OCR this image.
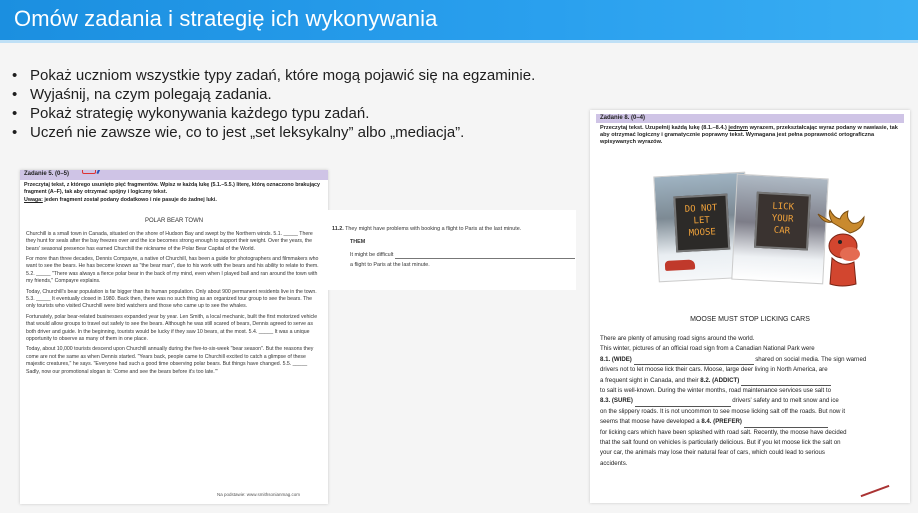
Omów zadania i strategię ich wykonywania
• Pokaż uczniom wszystkie typy zadań, które mogą pojawić się na egzaminie.
• Wyjaśnij, na czym polegają zadania.
• Pokaż strategię wykonywania każdego typu zadań.
• Uczeń nie zawsze wie, co to jest „set leksykalny” albo „mediacja”.
Zadanie 5. (0–5)
Przeczytaj tekst, z którego usunięto pięć fragmentów. Wpisz w każdą lukę (5.1.–5.5.) literę, którą oznaczono brakujący fragment (A–F), tak aby otrzymać spójny i logiczny tekst.
Uwaga: jeden fragment został podany dodatkowo i nie pasuje do żadnej luki.
POLAR BEAR TOWN

Churchill is a small town in Canada, situated on the shore of Hudson Bay and swept by the Northern winds. 5.1. _____ There they hunt for seals after the bay freezes over and the ice becomes strong enough to support their weight. Over the years, the bears' seasonal presence has earned Churchill the nickname of the Polar Bear Capital of the World.

For more than three decades, Dennis Compayre, a native of Churchill, has been a guide for photographers and filmmakers who want to see the bears. He has become known as "the bear man", due to his work with the bears and his ability to relate to them. 5.2. _____ "There was always a fierce polar bear in the back of my mind, even when I played ball and ran around the town with my friends," Compayre explains.

Today, Churchill's bear population is far bigger than its human population. Only about 900 permanent residents live in the town. 5.3. _____ It eventually closed in 1980. Back then, there was no such thing as an organized tour group to see the bears. The only tourists who visited Churchill were bird watchers and those who came up to see the whales.

Fortunately, polar bear-related businesses expanded year by year. Len Smith, a local mechanic, built the first motorized vehicle that would allow groups to travel out safely to see the bears. Although he was still scared of bears, Dennis agreed to serve as both driver and guide. In the beginning, tourists would be lucky if they saw 10 bears, at the most. 5.4. _____ It was a unique opportunity to observe as many of them in one place.

Today, about 10,000 tourists descend upon Churchill annually during the five-to-six-week "bear season". But the reasons they come are not the same as when Dennis started. "Years back, people came to Churchill excited to catch a glimpse of these majestic creatures," he says. "Everyone had such a good time observing polar bears. But things have changed. 5.5. _____ Sadly, now our promotional slogan is: 'Come and see the bears before it's too late.'"

Na podstawie: www.smithsonianmag.com
11.2. They might have problems with booking a flight to Paris at the last minute.
THEM
It might be difficult
a flight to Paris at the last minute.
Zadanie 8. (0–4)
Przeczytaj tekst. Uzupełnij każdą lukę (8.1.–8.4.) jednym wyrazem, przekształcając wyraz podany w nawiasie, tak aby otrzymać logiczny i gramatycznie poprawny tekst. Wymagana jest pełna poprawność ortograficzna wpisywanych wyrazów.
DO NOT
LET
MOOSE
LICK
YOUR
CAR
MOOSE MUST STOP LICKING CARS
There are plenty of amusing road signs around the world.
This winter, pictures of an official road sign from a Canadian National Park were
8.1. (WIDE)	shared on social media. The sign warned
drivers not to let moose lick their cars. Moose, large deer living in North America, are
a frequent sight in Canada, and their 8.2. (ADDICT)
to salt is well-known. During the winter months, road maintenance services use salt to
8.3. (SURE)	drivers' safety and to melt snow and ice
on the slippery roads. It is not uncommon to see moose licking salt off the roads. But now it
seems that moose have developed a 8.4. (PREFER)
for licking cars which have been splashed with road salt. Recently, the moose have decided
that the salt found on vehicles is particularly delicious. But if you let moose lick the salt on
your car, the animals may lose their natural fear of cars, which could lead to serious
accidents.
